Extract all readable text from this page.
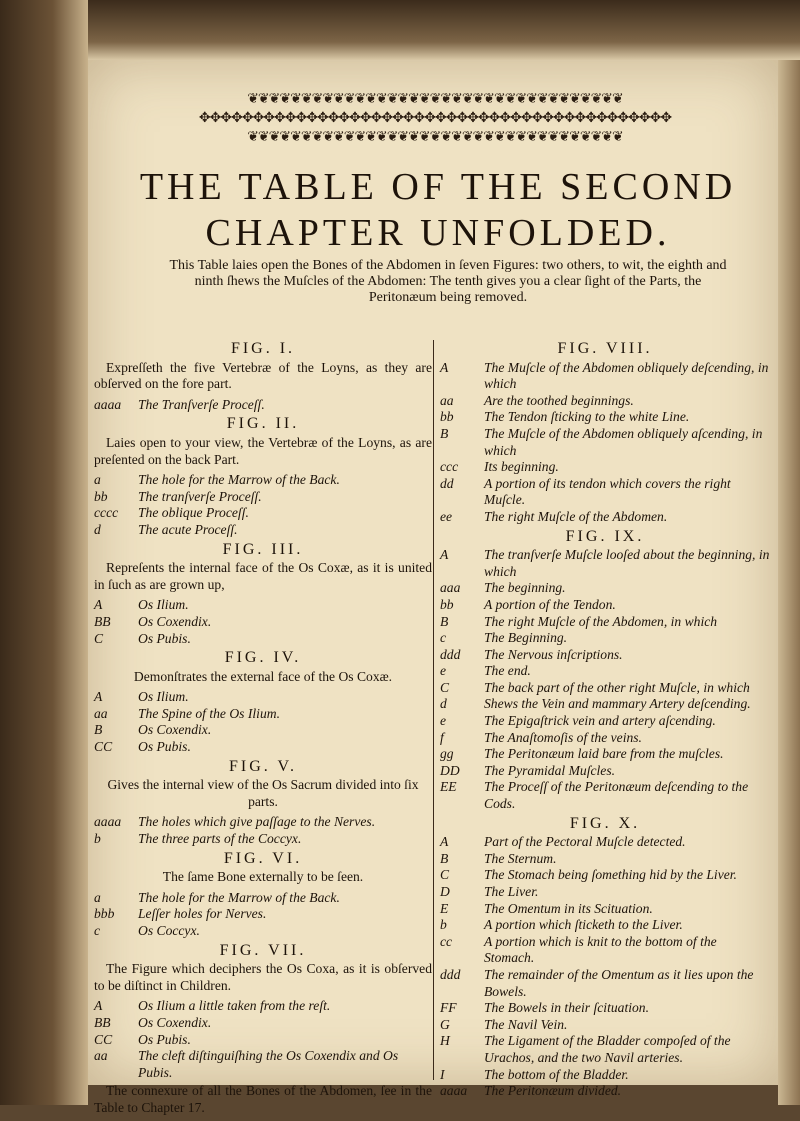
❦❦❦❦❦❦❦❦❦❦❦❦❦❦❦❦❦❦❦❦❦❦❦❦❦❦❦❦❦❦❦❦❦❦❦
✥✥✥✥✥✥✥✥✥✥✥✥✥✥✥✥✥✥✥✥✥✥✥✥✥✥✥✥✥✥✥✥✥✥✥✥✥✥✥✥✥✥✥✥
❦❦❦❦❦❦❦❦❦❦❦❦❦❦❦❦❦❦❦❦❦❦❦❦❦❦❦❦❦❦❦❦❦❦❦
THE TABLE OF THE SECOND
CHAPTER UNFOLDED.
This Table laies open the Bones of the Abdomen in ſeven Figures: two others, to wit, the eighth and ninth ſhews the Muſcles of the Abdomen: The tenth gives you a clear ſight of the Parts, the Peritonæum being removed.
FIG. I.

Expreſſeth the five Vertebræ of the Loyns, as they are obſerved on the fore part.

aaaa	The Tranſverſe Proceſſ.
FIG. II.

Laies open to your view, the Vertebræ of the Loyns, as are preſented on the back Part.

a	The hole for the Marrow of the Back.
bb	The tranſverſe Proceſſ.
cccc	The oblique Proceſſ.
d	The acute Proceſſ.
FIG. III.

Repreſents the internal face of the Os Coxæ, as it is united in ſuch as are grown up,

A	Os Ilium.
BB	Os Coxendix.
C	Os Pubis.
FIG. IV.

Demonſtrates the external face of the Os Coxæ.

A	Os Ilium.
aa	The Spine of the Os Ilium.
B	Os Coxendix.
CC	Os Pubis.
FIG. V.

Gives the internal view of the Os Sacrum divided into ſix parts.

aaaa	The holes which give paſſage to the Nerves.
b	The three parts of the Coccyx.
FIG. VI.

The ſame Bone externally to be ſeen.

a	The hole for the Marrow of the Back.
bbb	Leſſer holes for Nerves.
c	Os Coccyx.
FIG. VII.

The Figure which deciphers the Os Coxa, as it is obſerved to be diſtinct in Children.

A	Os Ilium a little taken from the reſt.
BB	Os Coxendix.
CC	Os Pubis.
aa	The cleft diſtinguiſhing the Os Coxendix and Os Pubis.

The connexure of all the Bones of the Abdomen, ſee in the Table to Chapter 17.

FIG. VIII.
A	The Muſcle of the Abdomen obliquely deſcending, in which
aa	Are the toothed beginnings.
bb	The Tendon ſticking to the white Line.
B	The Muſcle of the Abdomen obliquely aſcending, in which
ccc	Its beginning.
dd	A portion of its tendon which covers the right Muſcle.
ee	The right Muſcle of the Abdomen.
FIG. IX.
A	The tranſverſe Muſcle looſed about the beginning, in which
aaa	The beginning.
bb	A portion of the Tendon.
B	The right Muſcle of the Abdomen, in which
c	The Beginning.
ddd	The Nervous inſcriptions.
e	The end.
C	The back part of the other right Muſcle, in which
d	Shews the Vein and mammary Artery deſcending.
e	The Epigaſtrick vein and artery aſcending.
f	The Anaſtomoſis of the veins.
gg	The Peritonæum laid bare from the muſcles.
DD	The Pyramidal Muſcles.
EE	The Proceſſ of the Peritonæum deſcending to the Cods.
FIG. X.
A	Part of the Pectoral Muſcle detected.
B	The Sternum.
C	The Stomach being ſomething hid by the Liver.
D	The Liver.
E	The Omentum in its Scituation.
b	A portion which ſticketh to the Liver.
cc	A portion which is knit to the bottom of the Stomach.
ddd	The remainder of the Omentum as it lies upon the Bowels.
FF	The Bowels in their ſcituation.
G	The Navil Vein.
H	The Ligament of the Bladder compoſed of the Urachos, and the two Navil arteries.
I	The bottom of the Bladder.
aaaa	The Peritonæum divided.
